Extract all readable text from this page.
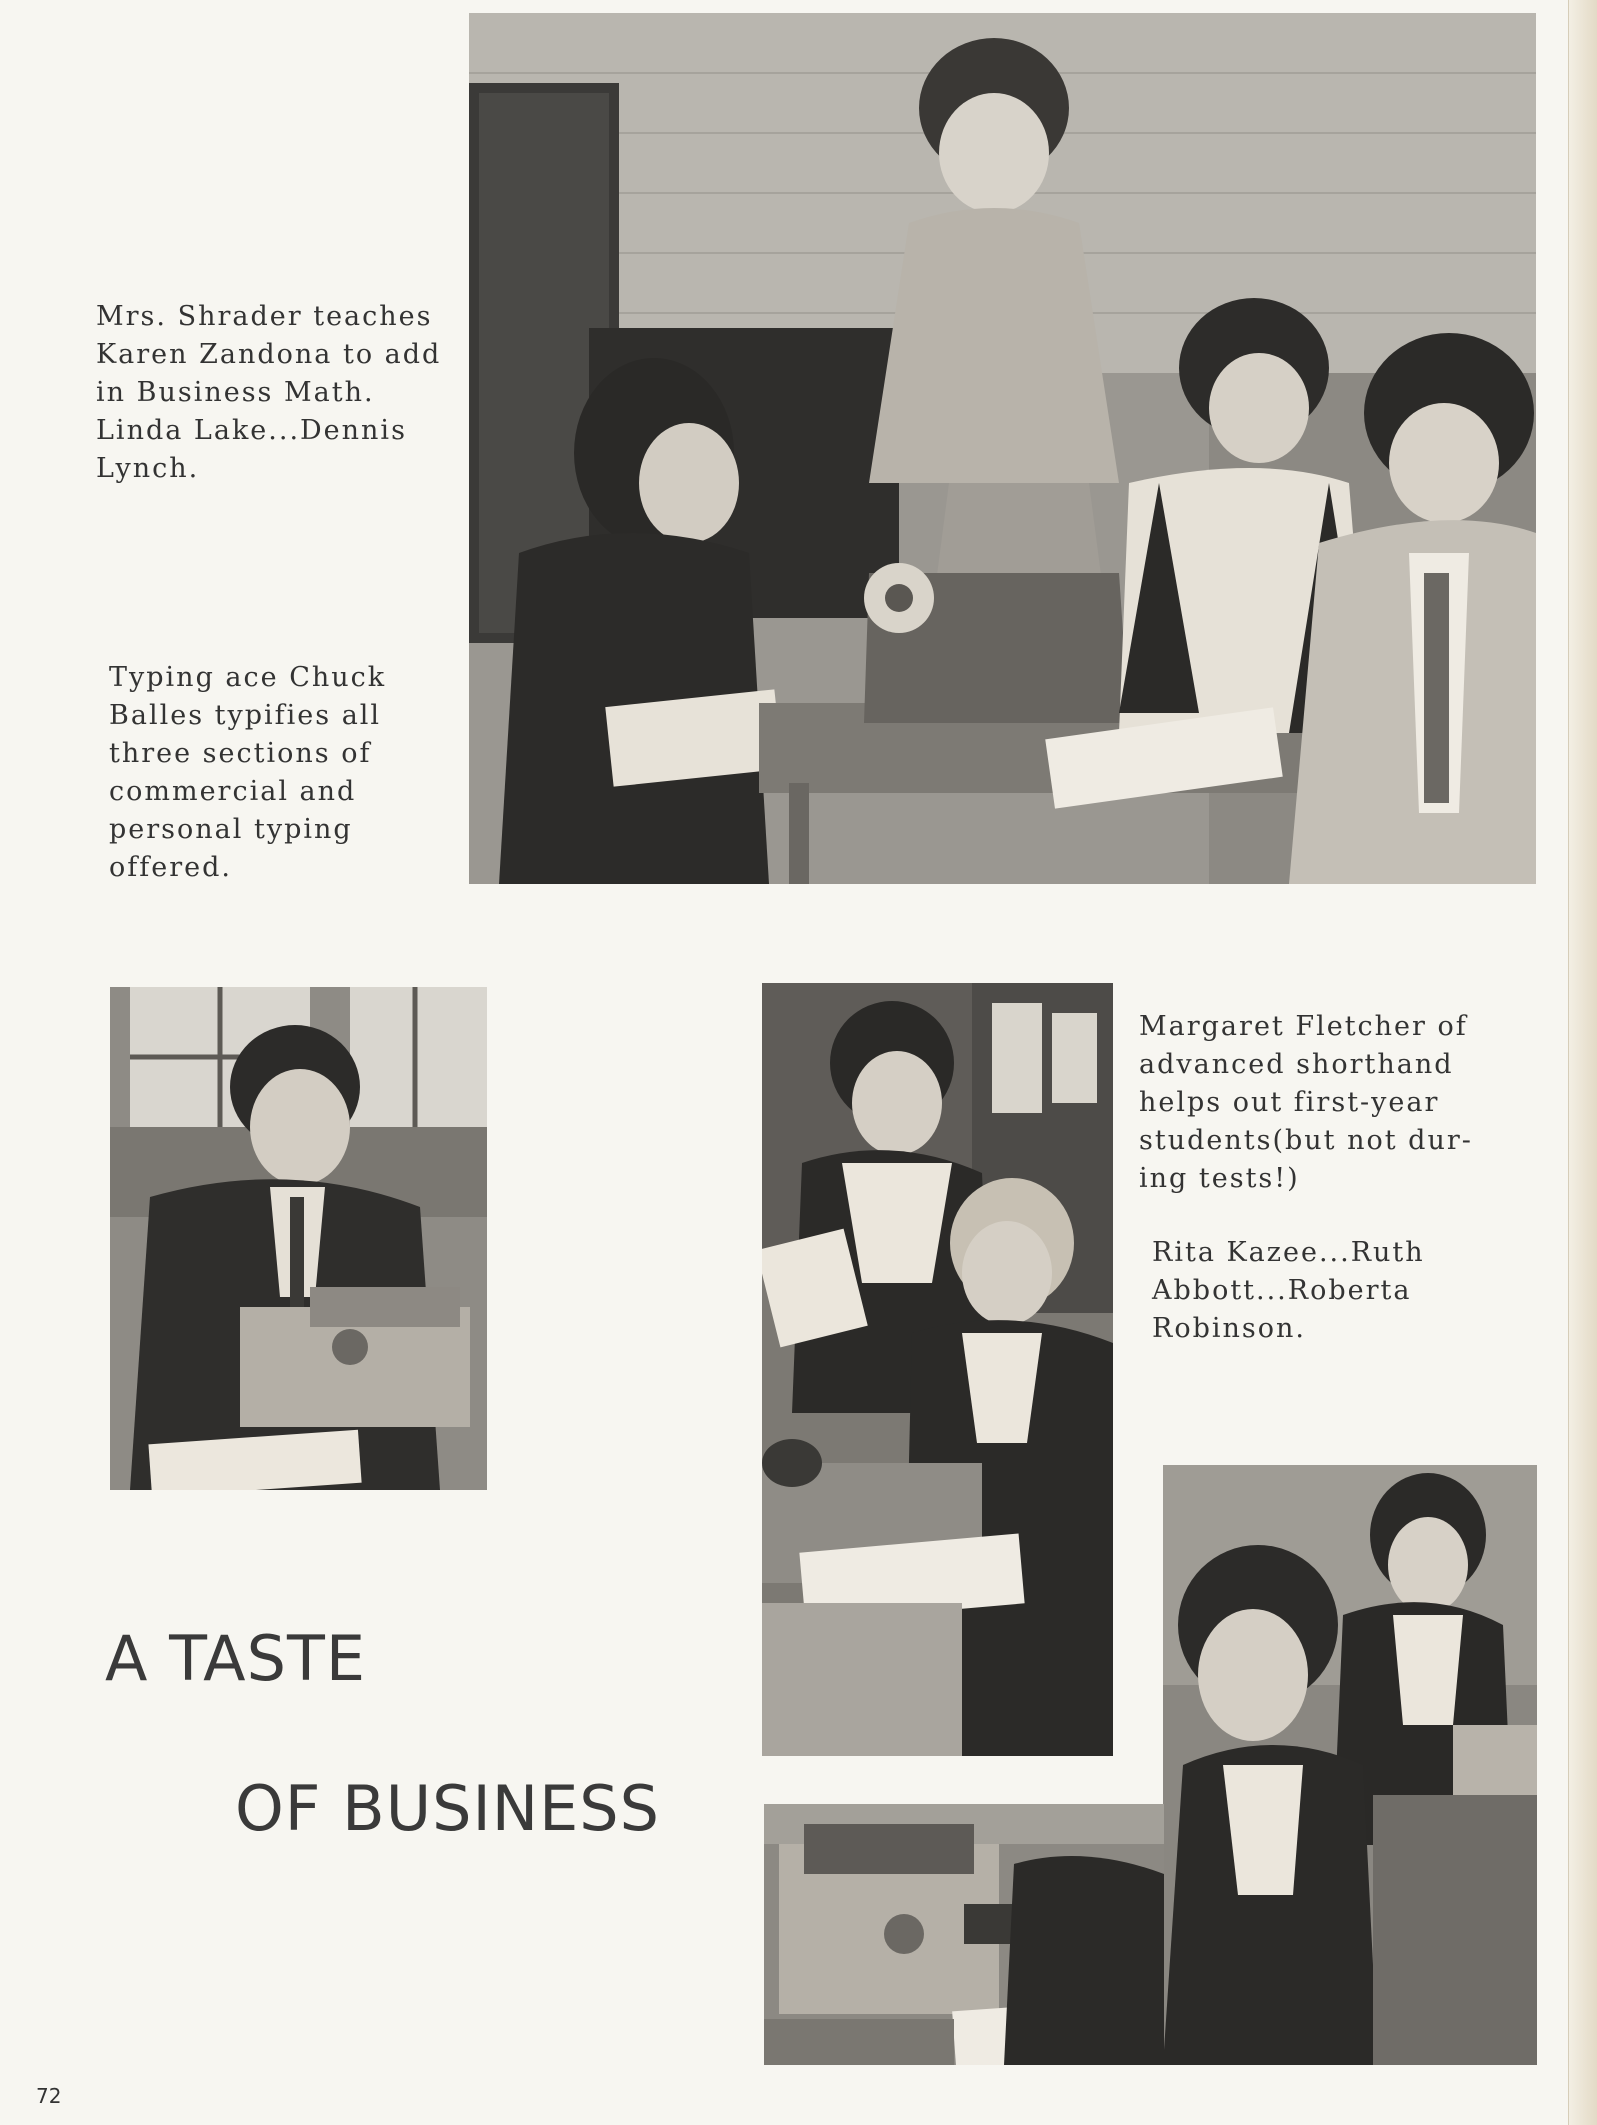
Mrs. Shrader teaches
Karen Zandona to add
in Business Math.
Linda Lake...Dennis
Lynch.

Typing ace Chuck
Balles typifies all
three sections of
commercial and
personal typing
offered.

Margaret Fletcher of
advanced shorthand
helps out first-year
students(but not dur-
ing tests!)

Rita Kazee...Ruth
Abbott...Roberta
Robinson.

A TASTE
OF BUSINESS
72
